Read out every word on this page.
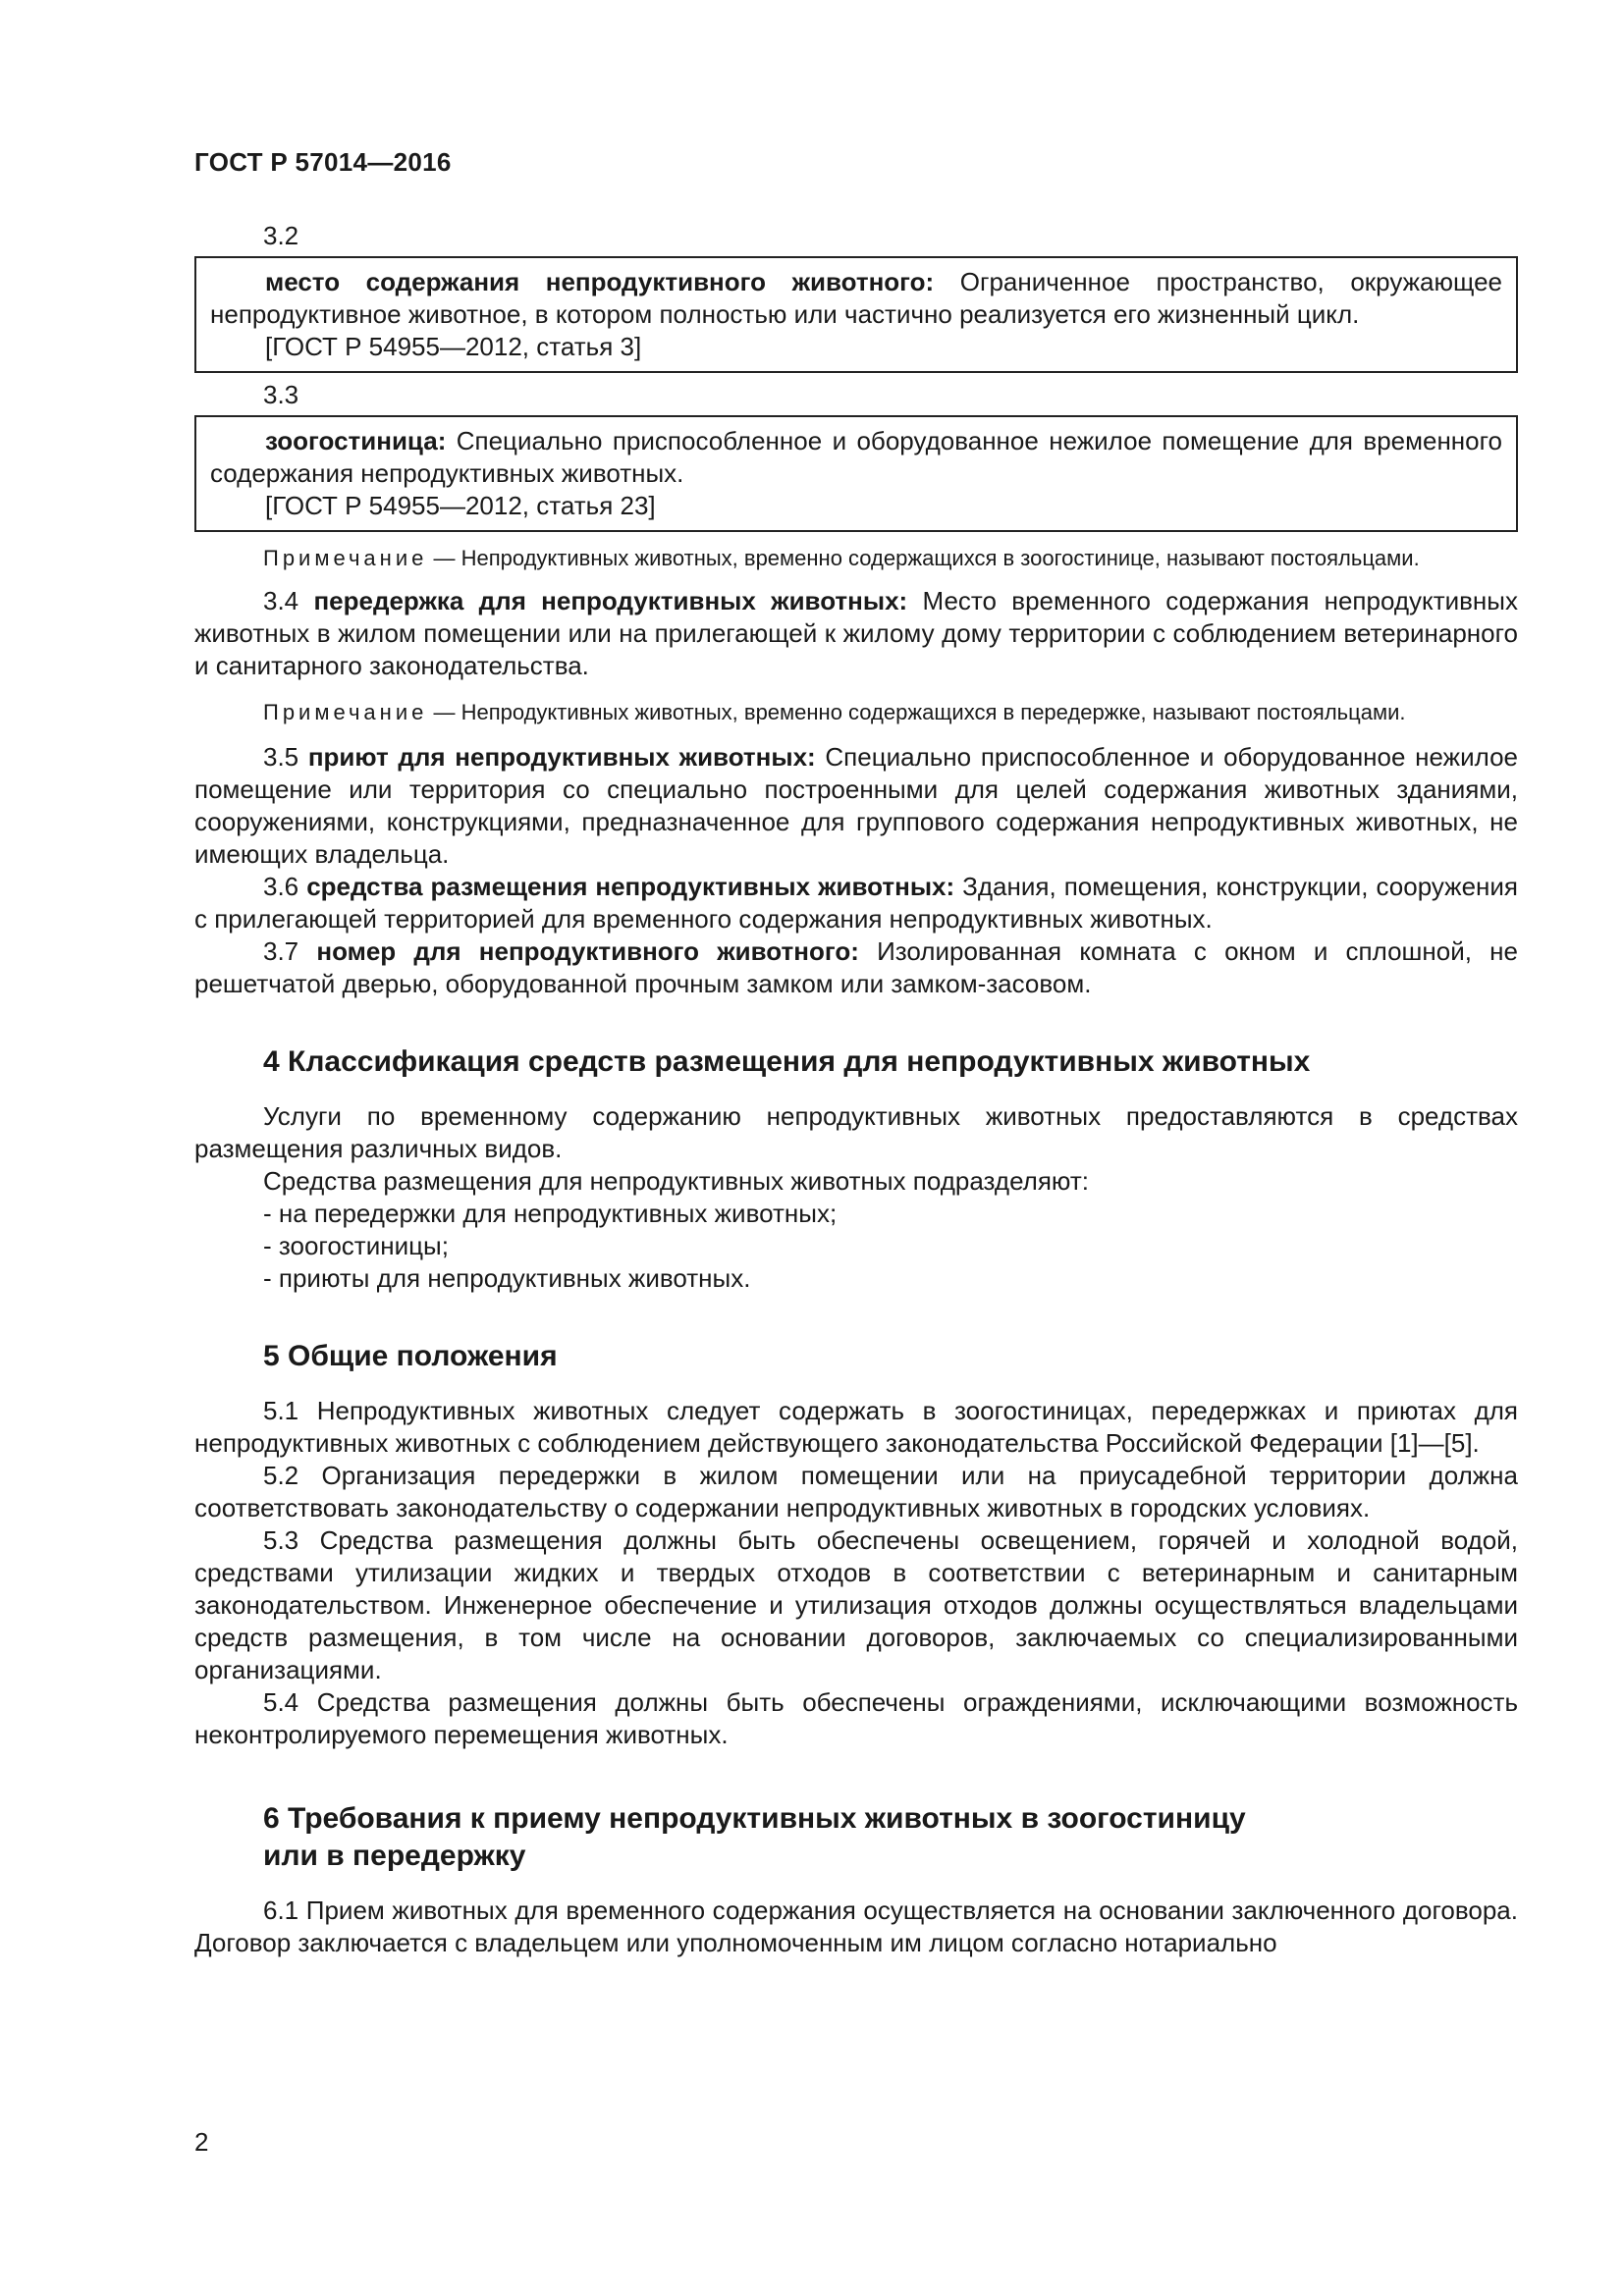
ГОСТ Р 57014—2016
3.2

место содержания непродуктивного животного: Ограниченное пространство, окружающее непродуктивное животное, в котором полностью или частично реализуется его жизненный цикл.

[ГОСТ Р 54955—2012, статья 3]
3.3

зоогостиница: Специально приспособленное и оборудованное нежилое помещение для временного содержания непродуктивных животных.

[ГОСТ Р 54955—2012, статья 23]

Примечание — Непродуктивных животных, временно содержащихся в зоогостинице, называют постояльцами.

3.4 передержка для непродуктивных животных: Место временного содержания непродуктивных животных в жилом помещении или на прилегающей к жилому дому территории с соблюдением ветеринарного и санитарного законодательства.

Примечание — Непродуктивных животных, временно содержащихся в передержке, называют постояльцами.

3.5 приют для непродуктивных животных: Специально приспособленное и оборудованное нежилое помещение или территория со специально построенными для целей содержания животных зданиями, сооружениями, конструкциями, предназначенное для группового содержания непродуктивных животных, не имеющих владельца.

3.6 средства размещения непродуктивных животных: Здания, помещения, конструкции, сооружения с прилегающей территорией для временного содержания непродуктивных животных.

3.7 номер для непродуктивного животного: Изолированная комната с окном и сплошной, не решетчатой дверью, оборудованной прочным замком или замком-засовом.

4 Классификация средств размещения для непродуктивных животных

Услуги по временному содержанию непродуктивных животных предоставляются в средствах размещения различных видов.

Средства размещения для непродуктивных животных подразделяют:

- на передержки для непродуктивных животных;
- зоогостиницы;
- приюты для непродуктивных животных.
5 Общие положения

5.1 Непродуктивных животных следует содержать в зоогостиницах, передержках и приютах для непродуктивных животных с соблюдением действующего законодательства Российской Федерации [1]—[5].

5.2 Организация передержки в жилом помещении или на приусадебной территории должна соответствовать законодательству о содержании непродуктивных животных в городских условиях.

5.3 Средства размещения должны быть обеспечены освещением, горячей и холодной водой, средствами утилизации жидких и твердых отходов в соответствии с ветеринарным и санитарным законодательством. Инженерное обеспечение и утилизация отходов должны осуществляться владельцами средств размещения, в том числе на основании договоров, заключаемых со специализированными организациями.

5.4 Средства размещения должны быть обеспечены ограждениями, исключающими возможность неконтролируемого перемещения животных.

6 Требования к приему непродуктивных животных в зоогостиницу
или в передержку

6.1 Прием животных для временного содержания осуществляется на основании заключенного договора. Договор заключается с владельцем или уполномоченным им лицом согласно нотариально

2
